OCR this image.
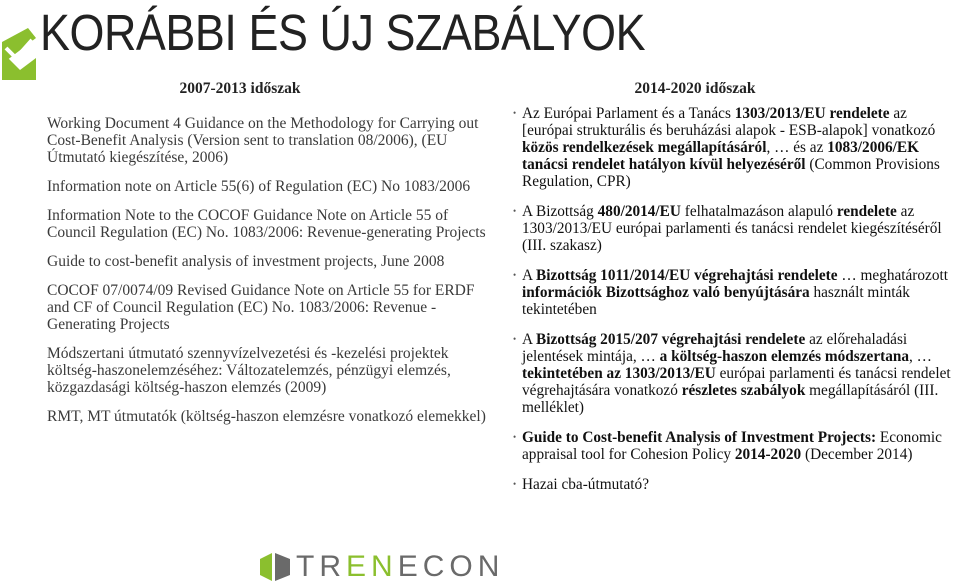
KORÁBBI ÉS ÚJ SZABÁLYOK
2007-2013 időszak	2014-2020 időszak
Working Document 4 Guidance on the Methodology for Carrying out Cost-Benefit Analysis (Version sent to translation 08/2006), (EU Útmutató kiegészítése, 2006)
Information note on Article 55(6) of Regulation (EC) No 1083/2006
Information Note to the COCOF Guidance Note on Article 55 of Council Regulation (EC) No. 1083/2006: Revenue-generating Projects
Guide to cost-benefit analysis of investment projects, June 2008
COCOF 07/0074/09 Revised Guidance Note on Article 55 for ERDF and CF of Council Regulation (EC) No. 1083/2006: Revenue -Generating Projects
Módszertani útmutató szennyvízelvezetési és -kezelési projektek költség-haszonelemzéséhez: Változatelemzés, pénzügyi elemzés, közgazdasági költség-haszon elemzés (2009)
RMT, MT útmutatók (költség-haszon elemzésre vonatkozó elemekkel)
• Az Európai Parlament és a Tanács 1303/2013/EU rendelete az [európai strukturális és beruházási alapok - ESB-alapok] vonatkozó közös rendelkezések megállapításáról, … és az 1083/2006/EK tanácsi rendelet hatályon kívül helyezéséről (Common Provisions Regulation, CPR)
• A Bizottság 480/2014/EU felhatalmazáson alapuló rendelete az 1303/2013/EU európai parlamenti és tanácsi rendelet kiegészítéséről (III. szakasz)
• A Bizottság 1011/2014/EU végrehajtási rendelete … meghatározott információk Bizottsághoz való benyújtására használt minták tekintetében
• A Bizottság 2015/207 végrehajtási rendelete az előrehaladási jelentések mintája, … a költség-haszon elemzés módszertana, … tekintetében az 1303/2013/EU európai parlamenti és tanácsi rendelet végrehajtására vonatkozó részletes szabályok megállapításáról (III. melléklet)
• Guide to Cost-benefit Analysis of Investment Projects: Economic appraisal tool for Cohesion Policy 2014-2020 (December 2014)
• Hazai cba-útmutató?
TRENECON
